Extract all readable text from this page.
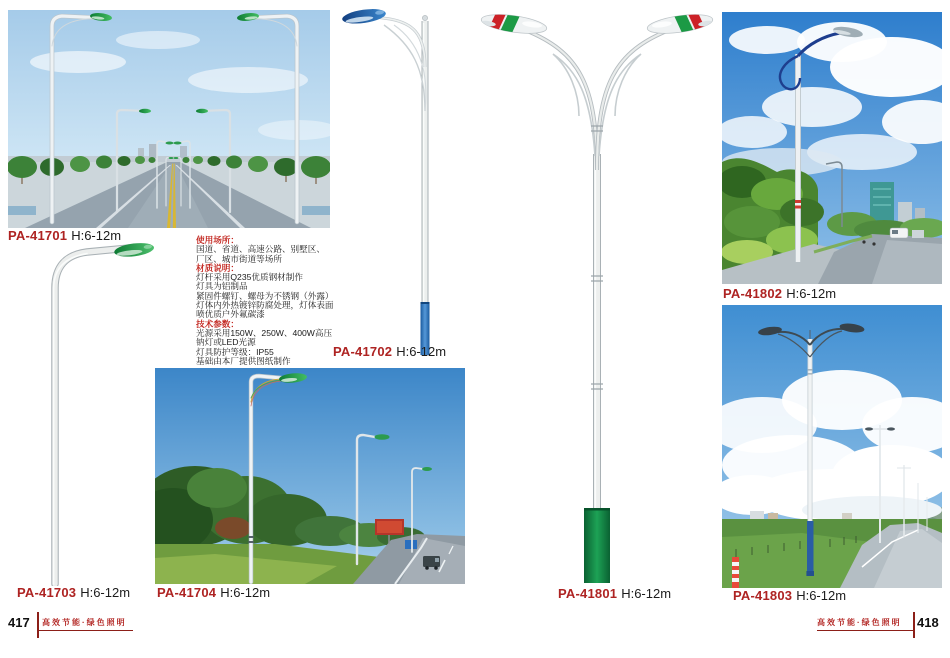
PA-41701 H:6-12m
PA-41702 H:6-12m
PA-41703 H:6-12m PA-41704 H:6-12m	PA-41801 H:6-12m
PA-41802 H:6-12m
PA-41803 H:6-12m

使用场所：

国道、省道、高速公路、别墅区、

厂区、城市街道等场所

材质说明：

灯杆采用Q235优质钢材制作

灯具为铝制品

紧固件螺钉、螺母为不锈钢（外露）

灯体内外热镀锌防腐处理，灯体表面

喷优质户外氟碳漆

技术参数：

光源采用150W、250W、400W高压

钠灯或LED光源

灯具防护等级：IP55

基础由本厂提供图纸制作

417 高效节能·绿色照明	高效节能·绿色照明 418
